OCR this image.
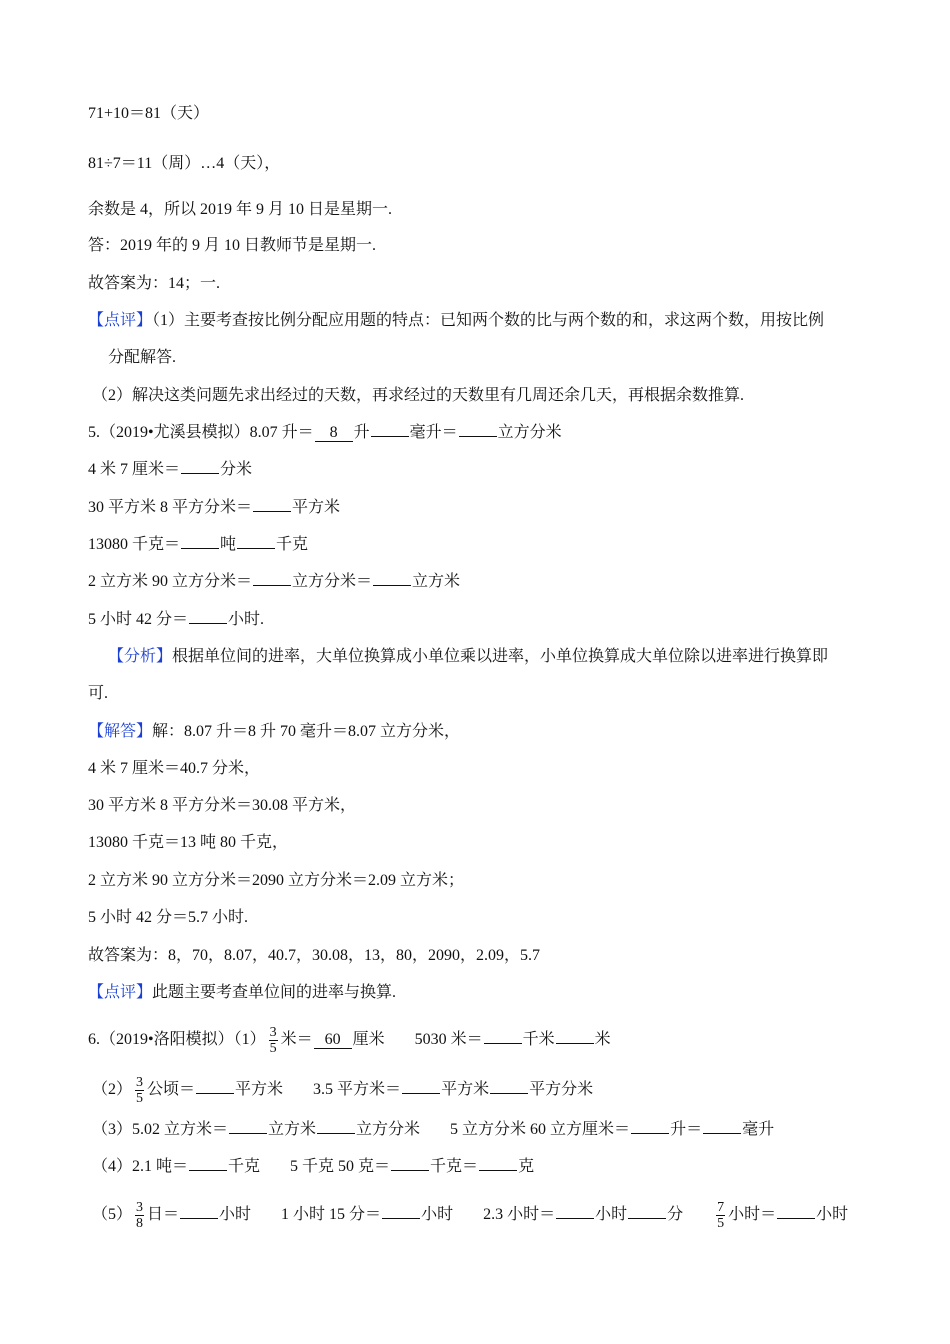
71+10＝81（天）
81÷7＝11（周）…4（天），
余数是 4，所以 2019 年 9 月 10 日是星期一.
答：2019 年的 9 月 10 日教师节是星期一.
故答案为：14；一.
【点评】（1）主要考查按比例分配应用题的特点：已知两个数的比与两个数的和，求这两个数，用按比例
分配解答.
（2）解决这类问题先求出经过的天数，再求经过的天数里有几周还余几天，再根据余数推算.
5.（2019•尤溪县模拟）8.07 升＝ 8 升	毫升＝	立方分米
4 米 7 厘米＝	分米
30 平方米 8 平方分米＝	平方米
13080 千克＝	吨	千克
2 立方米 90 立方分米＝	立方分米＝	立方米
5 小时 42 分＝	小时.
【分析】根据单位间的进率，大单位换算成小单位乘以进率，小单位换算成大单位除以进率进行换算即
可.
【解答】解：8.07 升＝8 升 70 毫升＝8.07 立方分米，
4 米 7 厘米＝40.7 分米，
30 平方米 8 平方分米＝30.08 平方米，
13080 千克＝13 吨 80 千克，
2 立方米 90 立方分米＝2090 立方分米＝2.09 立方米；
5 小时 42 分＝5.7 小时.
故答案为：8，70，8.07，40.7，30.08，13，80，2090，2.09，5.7
【点评】此题主要考查单位间的进率与换算.
6.（2019•洛阳模拟）$(1) \frac{3}{5}$ 米＝ 60 厘米 5030 米＝	千米	米
$(2) \frac{3}{5}$ 公顷＝	平方米 3.5 平方米＝	平方米	平方分米
（3）5.02 立方米＝	立方米	立方分米 5 立方分米 60 立方厘米＝	升＝	毫升
（4）2.1 吨＝	千克 5 千克 50 克＝	千克＝	克
$(5) \frac{3}{8}$ 日＝	小时 1 小时 15 分＝	小时 2.3 小时＝	小时	分 $\frac{7}{5}$ 小时＝	小时
